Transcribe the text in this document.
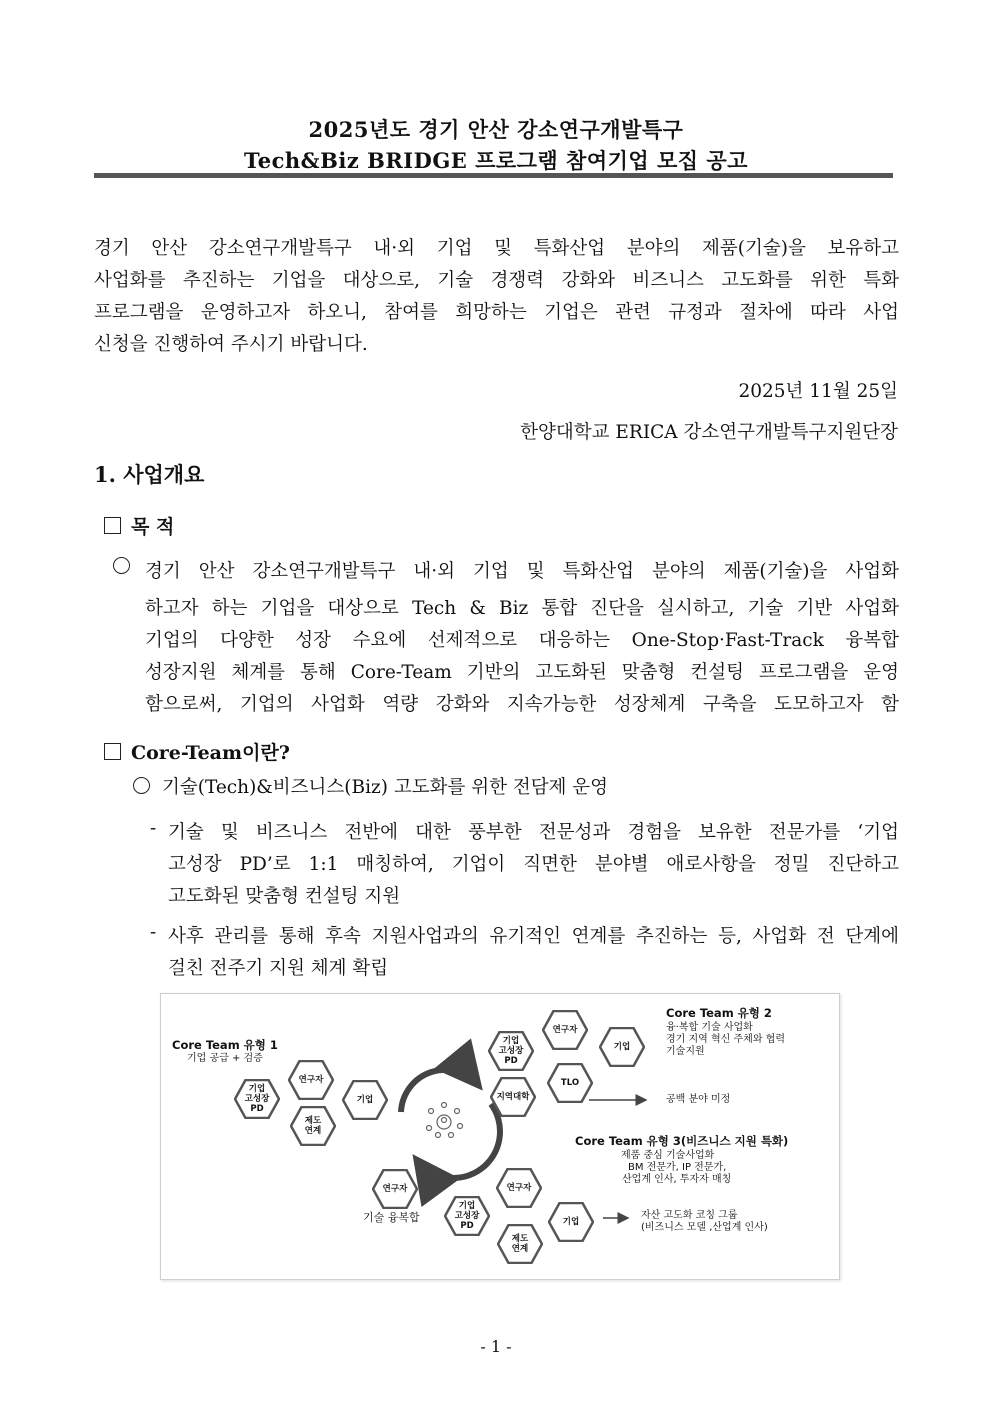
2025년도 경기 안산 강소연구개발특구
Tech&Biz BRIDGE 프로그램 참여기업 모집 공고
경기 안산 강소연구개발특구 내·외 기업 및 특화산업 분야의 제품(기술)을 보유하고
사업화를 추진하는 기업을 대상으로, 기술 경쟁력 강화와 비즈니스 고도화를 위한 특화
프로그램을 운영하고자 하오니, 참여를 희망하는 기업은 관련 규정과 절차에 따라 사업
신청을 진행하여 주시기 바랍니다.
2025년 11월 25일
한양대학교 ERICA 강소연구개발특구지원단장
1. 사업개요
목 적
경기 안산 강소연구개발특구 내·외 기업 및 특화산업 분야의 제품(기술)을 사업화
하고자 하는 기업을 대상으로 Tech & Biz 통합 진단을 실시하고, 기술 기반 사업화
기업의 다양한 성장 수요에 선제적으로 대응하는 One-Stop·Fast-Track 융복합
성장지원 체계를 통해 Core-Team 기반의 고도화된 맞춤형 컨설팅 프로그램을 운영
함으로써, 기업의 사업화 역량 강화와 지속가능한 성장체계 구축을 도모하고자 함
Core-Team이란?
기술(Tech)&비즈니스(Biz) 고도화를 위한 전담제 운영
- 기술 및 비즈니스 전반에 대한 풍부한 전문성과 경험을 보유한 전문가를 ‘기업
고성장 PD’로 1:1 매칭하여, 기업이 직면한 분야별 애로사항을 정밀 진단하고
고도화된 맞춤형 컨설팅 지원
- 사후 관리를 통해 후속 지원사업과의 유기적인 연계를 추진하는 등, 사업화 전 단계에
걸친 전주기 지원 체계 확립
Core Team 유형 1
기업 공급 + 검증
Core Team 유형 2
융·복합 기술 사업화
경기 지역 혁신 주체와 협력
기술지원
공백 분야 미정
Core Team 유형 3(비즈니스 지원 특화)
제품 중심 기술사업화
BM 전문가, IP 전문가,
산업계 인사, 투자자 매칭
기술 융복합	자산 고도화 코칭 그룹
(비즈니스 모델 ,산업계 인사)
연구자
기업
고성장
PD
기업
제도
연계
연구자
기업
고성장
PD
기업
TLO
지역대학
연구자	연구자
기업
고성장
PD	기업
제도
연계
- 1 -
